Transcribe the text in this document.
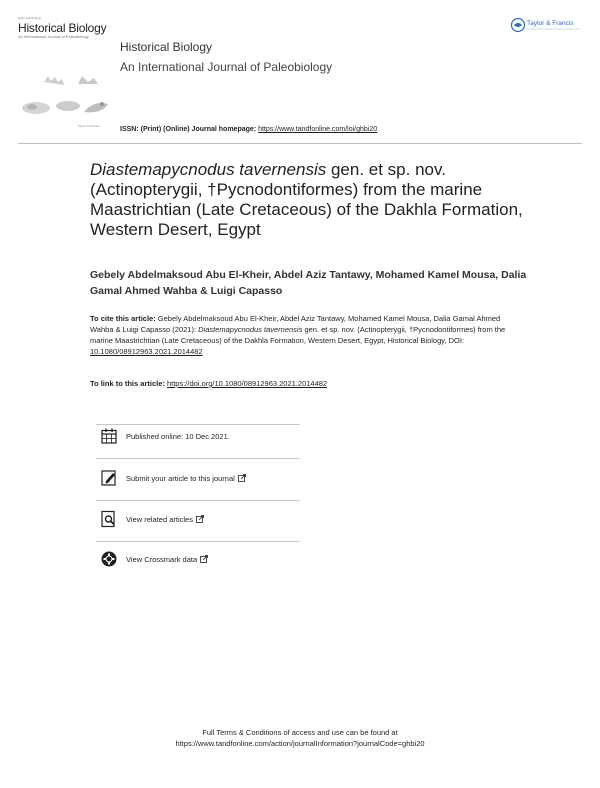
Historical Biology
Historical Biology
An International Journal of Paleobiology
Taylor & Francis
Historical Biology
An International Journal of Paleobiology
Taylor & Francis
ISSN: (Print) (Online) Journal homepage: https://www.tandfonline.com/loi/ghbi20
Diastemapycnodus tavernensis gen. et sp. nov. (Actinopterygii, †Pycnodontiformes) from the marine Maastrichtian (Late Cretaceous) of the Dakhla Formation, Western Desert, Egypt
Gebely Abdelmaksoud Abu El-Kheir, Abdel Aziz Tantawy, Mohamed Kamel Mousa, Dalia Gamal Ahmed Wahba & Luigi Capasso
To cite this article: Gebely Abdelmaksoud Abu El-Kheir, Abdel Aziz Tantawy, Mohamed Kamel Mousa, Dalia Gamal Ahmed Wahba & Luigi Capasso (2021): Diastemapycnodus tavernensis gen. et sp. nov. (Actinopterygii, †Pycnodontiformes) from the marine Maastrichtian (Late Cretaceous) of the Dakhla Formation, Western Desert, Egypt, Historical Biology, DOI: 10.1080/08912963.2021.2014482
To link to this article: https://doi.org/10.1080/08912963.2021.2014482
Published online: 10 Dec 2021.
Submit your article to this journal
View related articles
View Crossmark data
Full Terms & Conditions of access and use can be found at
https://www.tandfonline.com/action/journalInformation?journalCode=ghbi20
